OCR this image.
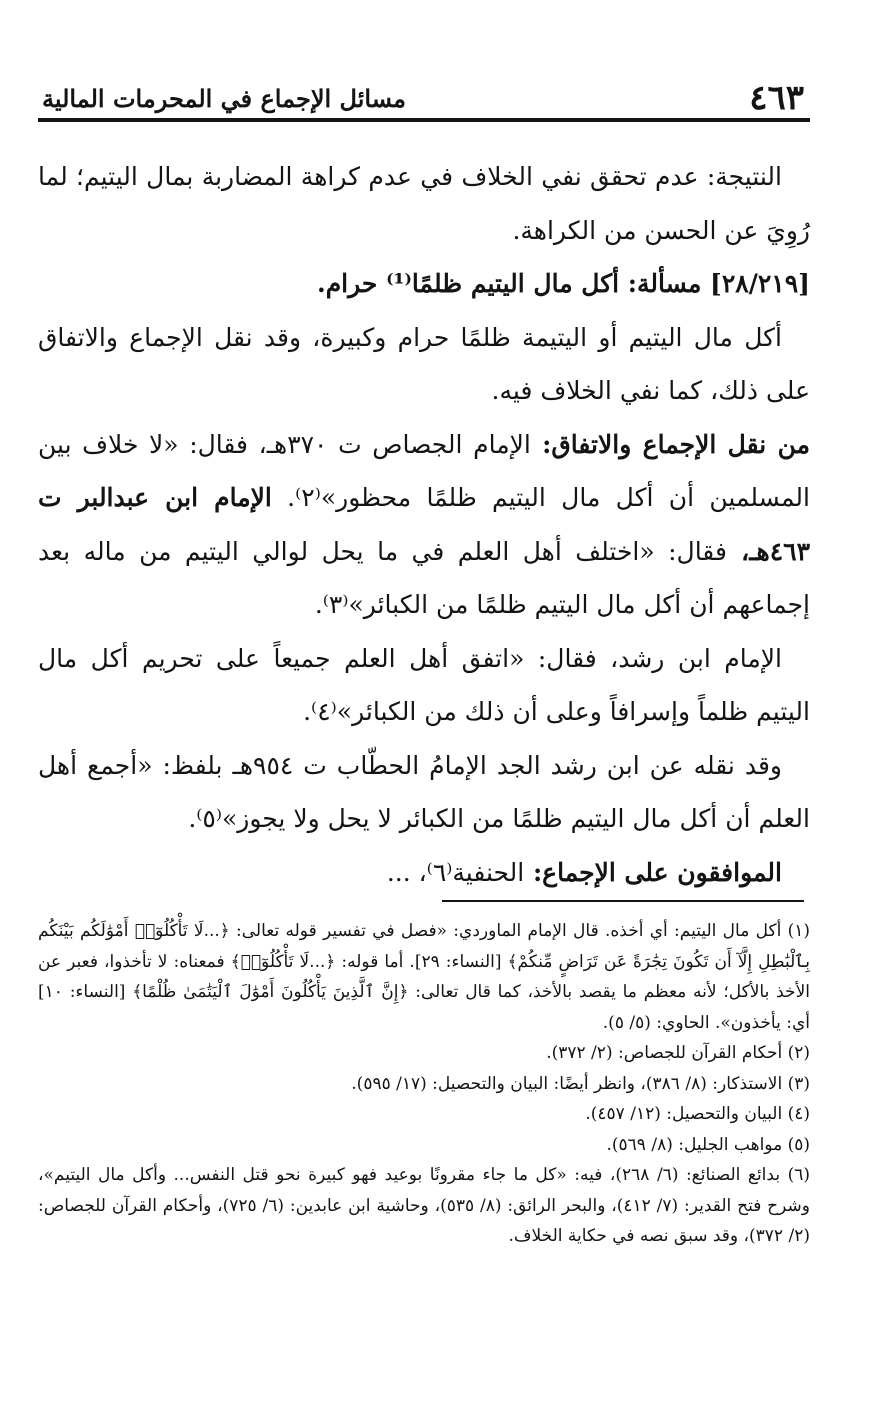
٤٦٣
مسائل الإجماع في المحرمات المالية

النتيجة: عدم تحقق نفي الخلاف في عدم كراهة المضاربة بمال اليتيم؛ لما رُوِيَ عن الحسن من الكراهة.

[٢٨/٢١٩] مسألة: أكل مال اليتيم ظلمًا⁽¹⁾ حرام.

أكل مال اليتيم أو اليتيمة ظلمًا حرام وكبيرة، وقد نقل الإجماع والاتفاق على ذلك، كما نفي الخلاف فيه.

من نقل الإجماع والاتفاق: الإمام الجصاص ت ٣٧٠هـ، فقال: «لا خلاف بين المسلمين أن أكل مال اليتيم ظلمًا محظور»⁽٢⁾. الإمام ابن عبدالبر ت ٤٦٣هـ، فقال: «اختلف أهل العلم في ما يحل لوالي اليتيم من ماله بعد إجماعهم أن أكل مال اليتيم ظلمًا من الكبائر»⁽٣⁾.

الإمام ابن رشد، فقال: «اتفق أهل العلم جميعاً على تحريم أكل مال اليتيم ظلماً وإسرافاً وعلى أن ذلك من الكبائر»⁽٤⁾.

وقد نقله عن ابن رشد الجد الإمامُ الحطّاب ت ٩٥٤هـ بلفظ: «أجمع أهل العلم أن أكل مال اليتيم ظلمًا من الكبائر لا يحل ولا يجوز»⁽٥⁾.

الموافقون على الإجماع: الحنفية⁽٦⁾، ...

(١) أكل مال اليتيم: أي أخذه. قال الإمام الماوردي: «فصل في تفسير قوله تعالى: ﴿...لَا تَأْكُلُوٓا۟ أَمْوَٰلَكُم بَيْنَكُم بِٱلْبَٰطِلِ إِلَّآ أَن تَكُونَ تِجَٰرَةً عَن تَرَاضٍ مِّنكُمْ﴾ [النساء: ٢٩]. أما قوله: ﴿...لَا تَأْكُلُوٓا۟﴾ فمعناه: لا تأخذوا، فعبر عن الأخذ بالأكل؛ لأنه معظم ما يقصد بالأخذ، كما قال تعالى: ﴿إِنَّ ٱلَّذِينَ يَأْكُلُونَ أَمْوَٰلَ ٱلْيَتَٰمَىٰ ظُلْمًا﴾ [النساء: ١٠] أي: يأخذون». الحاوي: (٥/ ٥).

(٢) أحكام القرآن للجصاص: (٢/ ٣٧٢).

(٣) الاستذكار: (٨/ ٣٨٦)، وانظر أيضًا: البيان والتحصيل: (١٧/ ٥٩٥).

(٤) البيان والتحصيل: (١٢/ ٤٥٧).

(٥) مواهب الجليل: (٨/ ٥٦٩).

(٦) بدائع الصنائع: (٦/ ٢٦٨)، فيه: «كل ما جاء مقرونًا بوعيد فهو كبيرة نحو قتل النفس... وأكل مال اليتيم»، وشرح فتح القدير: (٧/ ٤١٢)، والبحر الرائق: (٨/ ٥٣٥)، وحاشية ابن عابدين: (٦/ ٧٢٥)، وأحكام القرآن للجصاص: (٢/ ٣٧٢)، وقد سبق نصه في حكاية الخلاف.
